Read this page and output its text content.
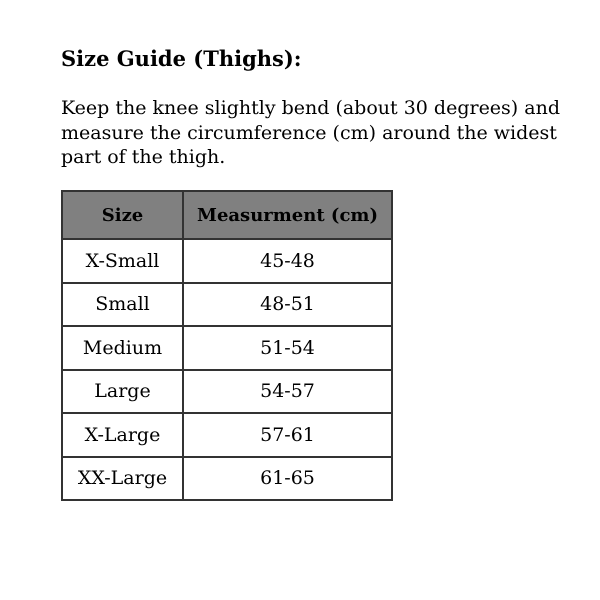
Size Guide (Thighs):

Keep the knee slightly bend (about 30 degrees) and measure the circumference (cm) around the widest part of the thigh.

Size	Measurment (cm)
X-Small	45-48
Small	48-51
Medium	51-54
Large	54-57
X-Large	57-61
XX-Large	61-65
